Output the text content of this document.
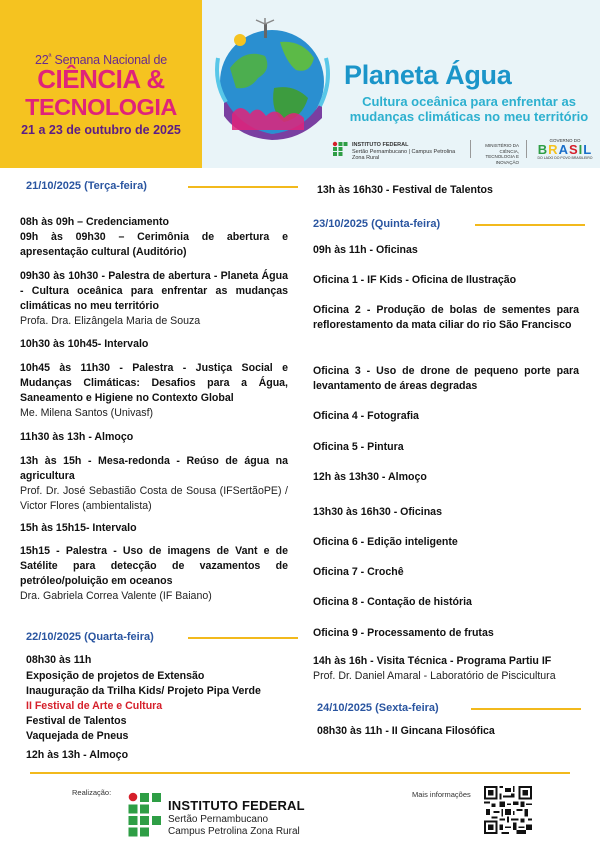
$22^ª$ Semana Nacional de
CIÊNCIA &
TECNOLOGIA
21 a 23 de outubro de 2025
Planeta Água
Cultura oceânica para enfrentar as mudanças climáticas no meu território
INSTITUTO FEDERAL
Sertão Pernambucano | Campus Petrolina Zona Rural
MINISTÉRIO DA CIÊNCIA, TECNOLOGIA E INOVAÇÃO
GOVERNO DO
BRASIL
DO LADO DO POVO BRASILEIRO
21/10/2025 (Terça-feira)
08h às 09h – Credenciamento
09h às 09h30 – Cerimônia de abertura e apresentação cultural (Auditório)
09h30 às 10h30 - Palestra de abertura - Planeta Água - Cultura oceânica para enfrentar as mudanças climáticas no meu território
Profa. Dra. Elizângela Maria de Souza
10h30 às 10h45- Intervalo
10h45 às 11h30 - Palestra - Justiça Social e Mudanças Climáticas: Desafios para a Água, Saneamento e Higiene no Contexto Global
Me. Milena Santos (Univasf)
11h30 às 13h - Almoço
13h às 15h - Mesa-redonda - Reúso de água na agricultura
Prof. Dr. José Sebastião Costa de Sousa (IFSertãoPE) / Victor Flores (ambientalista)
15h às 15h15- Intervalo
15h15 - Palestra - Uso de imagens de Vant e de Satélite para detecção de vazamentos de petróleo/poluição em oceanos
Dra. Gabriela Correa Valente (IF Baiano)
22/10/2025 (Quarta-feira)
08h30 às 11h
Exposição de projetos de Extensão
Inauguração da Trilha Kids/ Projeto Pipa Verde
II Festival de Arte e Cultura
Festival de Talentos
Vaquejada de Pneus
12h às 13h - Almoço
13h às 16h30 - Festival de Talentos
23/10/2025 (Quinta-feira)
09h às 11h - Oficinas
Oficina 1 - IF Kids - Oficina de Ilustração
Oficina 2 - Produção de bolas de sementes para reflorestamento da mata ciliar do rio São Francisco
Oficina 3 - Uso de drone de pequeno porte para levantamento de áreas degradas
Oficina 4 - Fotografia
Oficina 5 - Pintura
12h às 13h30 - Almoço
13h30 às 16h30 - Oficinas
Oficina 6 - Edição inteligente
Oficina 7 - Crochê
Oficina 8 - Contação de história
Oficina 9 - Processamento de frutas
14h às 16h - Visita Técnica - Programa Partiu IF
Prof. Dr. Daniel Amaral - Laboratório de Piscicultura
24/10/2025 (Sexta-feira)
08h30 às 11h - II Gincana Filosófica
Realização:
INSTITUTO FEDERAL
Sertão Pernambucano
Campus Petrolina Zona Rural
Mais informações
